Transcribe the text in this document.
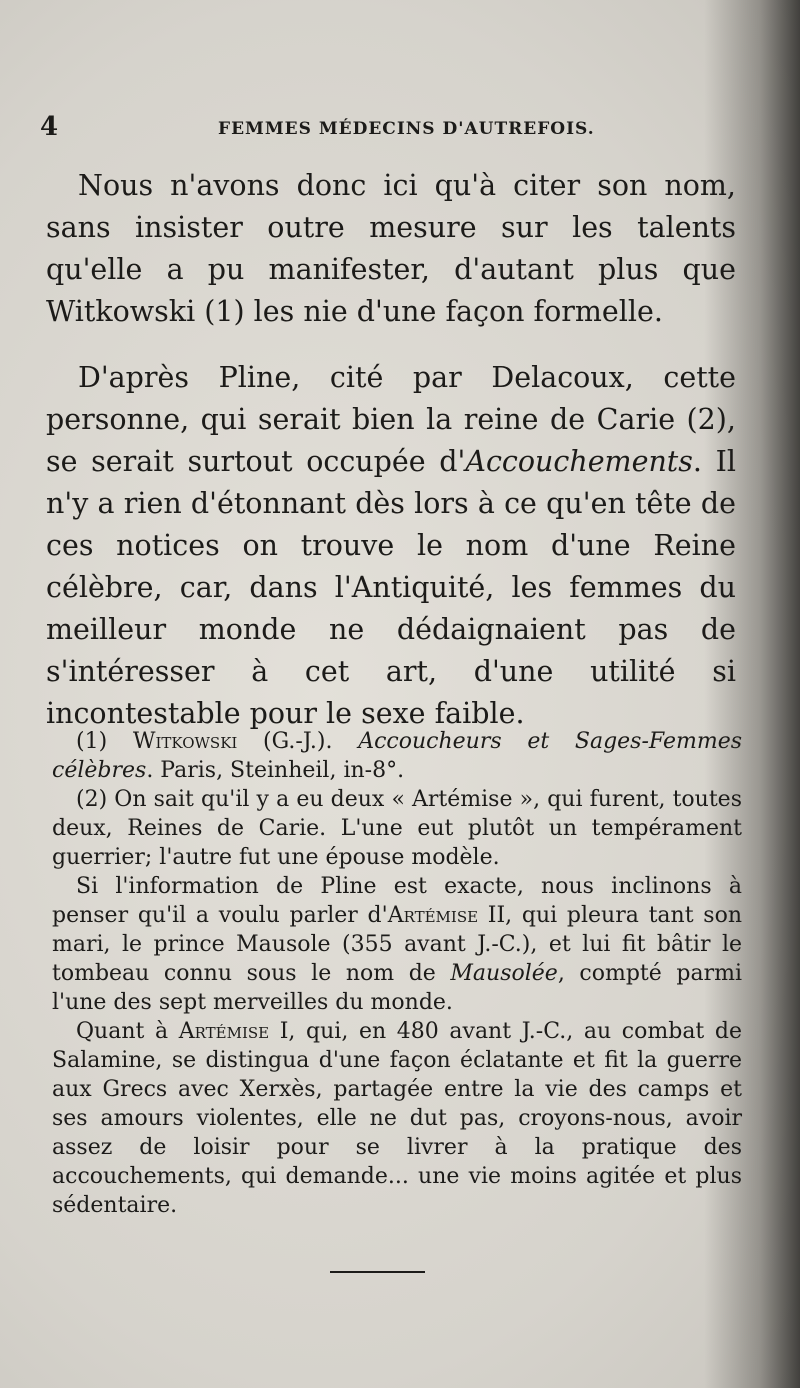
4	FEMMES MÉDECINS D'AUTREFOIS.

Nous n'avons donc ici qu'à citer son nom, sans insister outre mesure sur les talents qu'elle a pu manifester, d'autant plus que Witkowski (1) les nie d'une façon formelle.

D'après Pline, cité par Delacoux, cette personne, qui serait bien la reine de Carie (2), se serait surtout occupée d'Accouchements. Il n'y a rien d'étonnant dès lors à ce qu'en tête de ces notices on trouve le nom d'une Reine célèbre, car, dans l'Antiquité, les femmes du meilleur monde ne dédaignaient pas de s'intéresser à cet art, d'une utilité si incontestable pour le sexe faible.

(1) Witkowski (G.-J.). Accoucheurs et Sages-Femmes célèbres. Paris, Steinheil, in-8°.

(2) On sait qu'il y a eu deux « Artémise », qui furent, toutes deux, Reines de Carie. L'une eut plutôt un tempérament guerrier; l'autre fut une épouse modèle.

Si l'information de Pline est exacte, nous inclinons à penser qu'il a voulu parler d'Artémise II, qui pleura tant son mari, le prince Mausole (355 avant J.-C.), et lui fit bâtir le tombeau connu sous le nom de Mausolée, compté parmi l'une des sept merveilles du monde.

Quant à Artémise I, qui, en 480 avant J.-C., au combat de Salamine, se distingua d'une façon éclatante et fit la guerre aux Grecs avec Xerxès, partagée entre la vie des camps et ses amours violentes, elle ne dut pas, croyons-nous, avoir assez de loisir pour se livrer à la pratique des accouchements, qui demande... une vie moins agitée et plus sédentaire.
